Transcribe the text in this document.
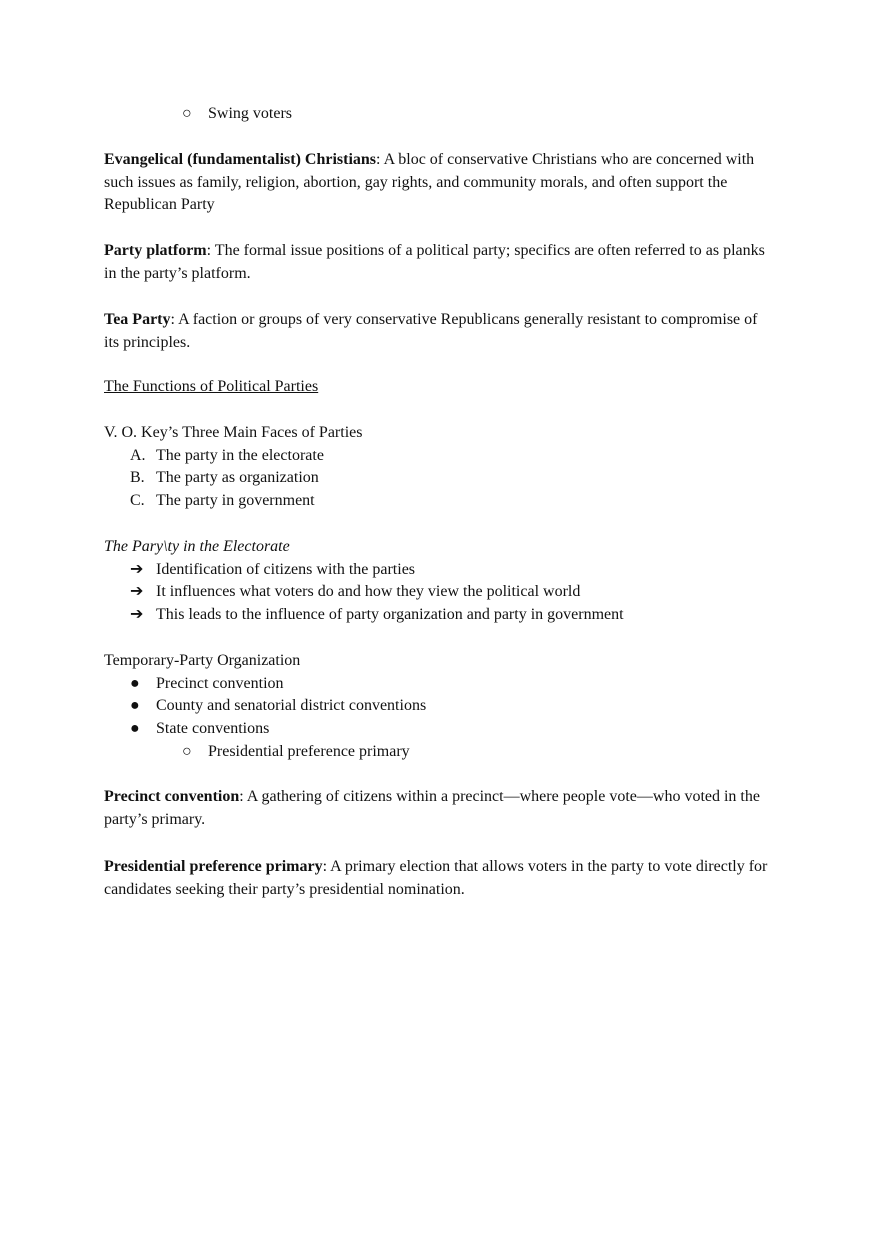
○ Swing voters
Evangelical (fundamentalist) Christians: A bloc of conservative Christians who are concerned with such issues as family, religion, abortion, gay rights, and community morals, and often support the Republican Party
Party platform: The formal issue positions of a political party; specifics are often referred to as planks in the party’s platform.
Tea Party: A faction or groups of very conservative Republicans generally resistant to compromise of its principles.
The Functions of Political Parties
V. O. Key’s Three Main Faces of Parties
A. The party in the electorate
B. The party as organization
C. The party in government
The Pary\ty in the Electorate
➔ Identification of citizens with the parties
➔ It influences what voters do and how they view the political world
➔ This leads to the influence of party organization and party in government
Temporary-Party Organization
● Precinct convention
● County and senatorial district conventions
● State conventions
○ Presidential preference primary
Precinct convention: A gathering of citizens within a precinct—where people vote—who voted in the party’s primary.
Presidential preference primary: A primary election that allows voters in the party to vote directly for candidates seeking their party’s presidential nomination.
